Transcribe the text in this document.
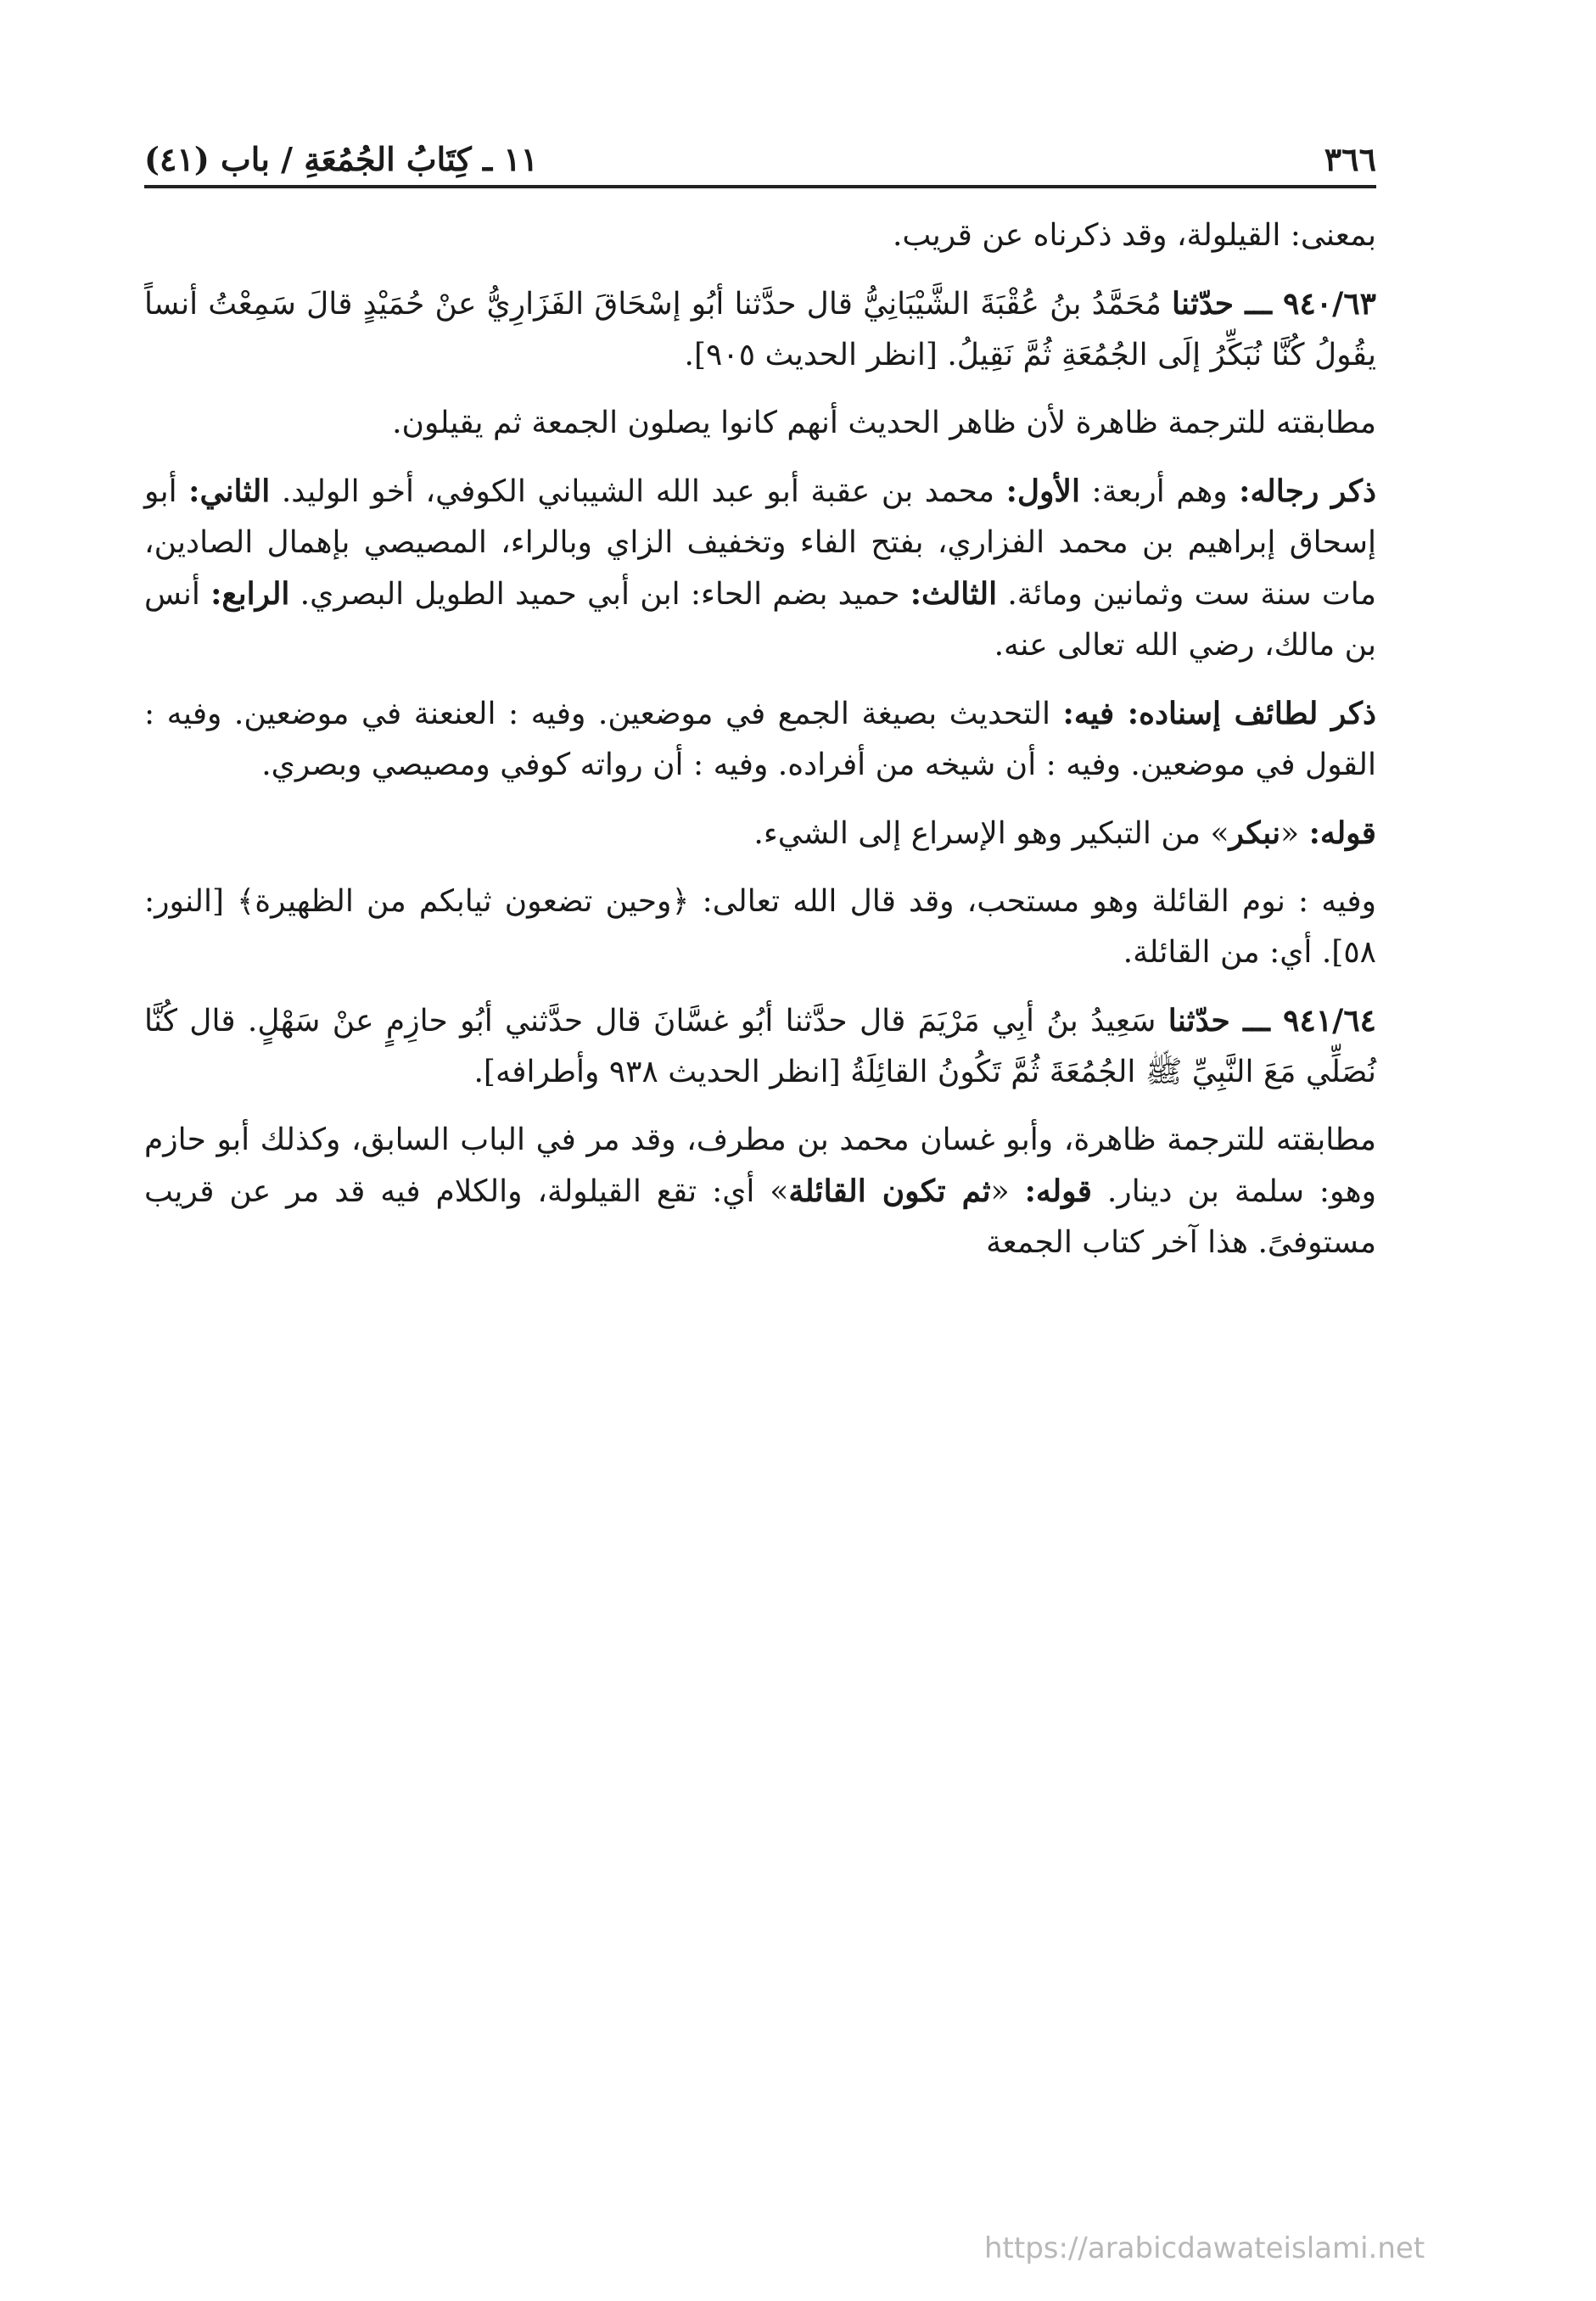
٣٦٦
١١ ـ كِتَابُ الجُمُعَةِ / باب (٤١)

بمعنى: القيلولة، وقد ذكرناه عن قريب.

٩٤٠/٦٣ ـــ حدّثنا مُحَمَّدُ بنُ عُقْبَةَ الشَّيْبَانِيُّ قال حدَّثنا أبُو إسْحَاقَ الفَزَارِيُّ عنْ حُمَيْدٍ قالَ سَمِعْتُ أنساً يقُولُ كُنَّا نُبَكِّرُ إلَى الجُمُعَةِ ثُمَّ نَقِيلُ. [انظر الحديث ٩٠٥].

مطابقته للترجمة ظاهرة لأن ظاهر الحديث أنهم كانوا يصلون الجمعة ثم يقيلون.

ذكر رجاله: وهم أربعة: الأول: محمد بن عقبة أبو عبد الله الشيباني الكوفي، أخو الوليد. الثاني: أبو إسحاق إبراهيم بن محمد الفزاري، بفتح الفاء وتخفيف الزاي وبالراء، المصيصي بإهمال الصادين، مات سنة ست وثمانين ومائة. الثالث: حميد بضم الحاء: ابن أبي حميد الطويل البصري. الرابع: أنس بن مالك، رضي الله تعالى عنه.

ذكر لطائف إسناده: فيه: التحديث بصيغة الجمع في موضعين. وفيه : العنعنة في موضعين. وفيه : القول في موضعين. وفيه : أن شيخه من أفراده. وفيه : أن رواته كوفي ومصيصي وبصري.

قوله: «نبكر» من التبكير وهو الإسراع إلى الشيء.

وفيه : نوم القائلة وهو مستحب، وقد قال الله تعالى: ﴿وحين تضعون ثيابكم من الظهيرة﴾ [النور: ٥٨]. أي: من القائلة.

٩٤١/٦٤ ـــ حدّثنا سَعِيدُ بنُ أبِي مَرْيَمَ قال حدَّثنا أبُو غسَّانَ قال حدَّثني أبُو حازِمٍ عنْ سَهْلٍ. قال كُنَّا نُصَلِّي مَعَ النَّبِيِّ ﷺ الجُمُعَةَ ثُمَّ تَكُونُ القائِلَةُ [انظر الحديث ٩٣٨ وأطرافه].

مطابقته للترجمة ظاهرة، وأبو غسان محمد بن مطرف، وقد مر في الباب السابق، وكذلك أبو حازم وهو: سلمة بن دينار. قوله: «ثم تكون القائلة» أي: تقع القيلولة، والكلام فيه قد مر عن قريب مستوفىً. هذا آخر كتاب الجمعة

https://arabicdawateislami.net
